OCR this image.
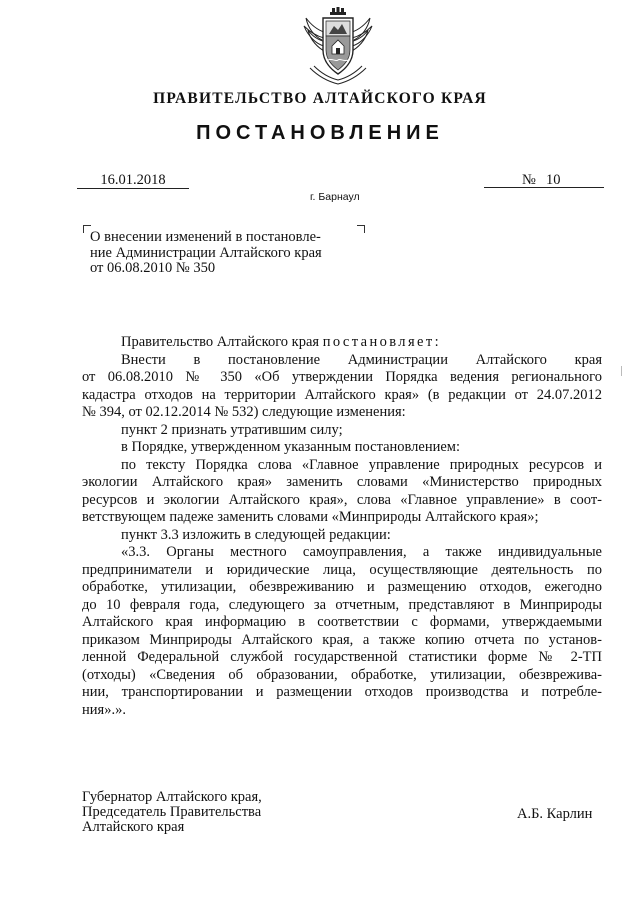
ПРАВИТЕЛЬСТВО АЛТАЙСКОГО КРАЯ
ПОСТАНОВЛЕНИЕ
16.01.2018	№ 10
г. Барнаул
О внесении изменений в постановле-
ние Администрации Алтайского края
от 06.08.2010 № 350
Правительство Алтайского края постановляет:
Внести в постановление Администрации Алтайского края
от 06.08.2010 № 350 «Об утверждении Порядка ведения регионального
кадастра отходов на территории Алтайского края» (в редакции от 24.07.2012
№ 394, от 02.12.2014 № 532) следующие изменения:
пункт 2 признать утратившим силу;
в Порядке, утвержденном указанным постановлением:
по тексту Порядка слова «Главное управление природных ресурсов и
экологии Алтайского края» заменить словами «Министерство природных
ресурсов и экологии Алтайского края», слова «Главное управление» в соот-
ветствующем падеже заменить словами «Минприроды Алтайского края»;
пункт 3.3 изложить в следующей редакции:
«3.3. Органы местного самоуправления, а также индивидуальные
предприниматели и юридические лица, осуществляющие деятельность по
обработке, утилизации, обезвреживанию и размещению отходов, ежегодно
до 10 февраля года, следующего за отчетным, представляют в Минприроды
Алтайского края информацию в соответствии с формами, утверждаемыми
приказом Минприроды Алтайского края, а также копию отчета по установ-
ленной Федеральной службой государственной статистики форме № 2-ТП
(отходы) «Сведения об образовании, обработке, утилизации, обезврежива-
нии, транспортировании и размещении отходов производства и потребле-
ния».».
Губернатор Алтайского края,
Председатель Правительства
Алтайского края
А.Б. Карлин
